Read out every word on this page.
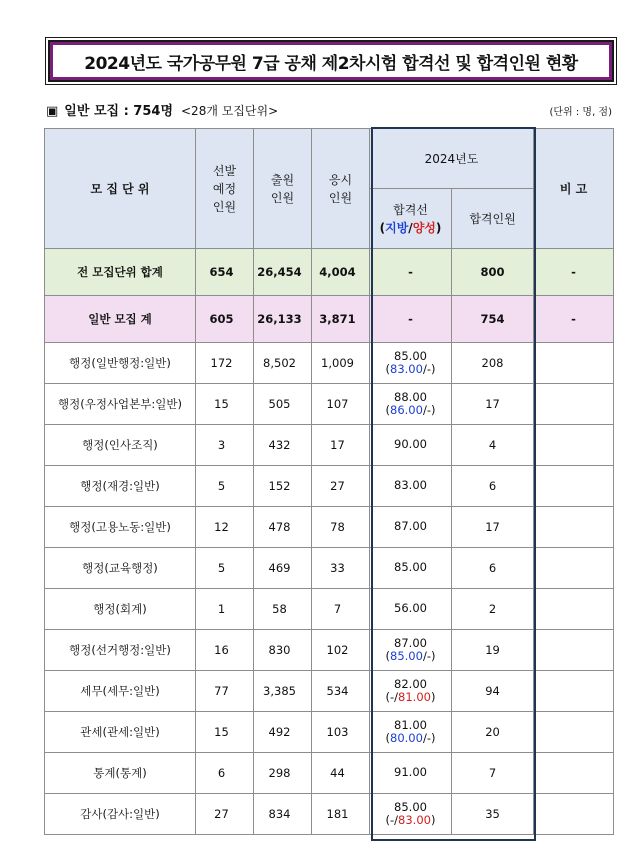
2024년도 국가공무원 7급 공채 제2차시험 합격선 및 합격인원 현황
▣ 일반 모집 : 754명 <28개 모집단위>	(단위 : 명, 점)
모 집 단 위	선발
예정
인원	출원
인원	응시
인원	2024년도		비 고

				합격선
(지방/양성)	합격인원	
전 모집단위 합계	654	26,454	4,004	-	800	-
일반 모집 계	605	26,133	3,871	-	754	-
행정(일반행정:일반)	172	8,502	1,009	85.00
(83.00/-)	208	
행정(우정사업본부:일반)	15	505	107	88.00
(86.00/-)	17	
행정(인사조직)	3	432	17	90.00	4	
행정(재경:일반)	5	152	27	83.00	6	
행정(고용노동:일반)	12	478	78	87.00	17	
행정(교육행정)	5	469	33	85.00	6	
행정(회계)	1	58	7	56.00	2	
행정(선거행정:일반)	16	830	102	87.00
(85.00/-)	19	
세무(세무:일반)	77	3,385	534	82.00
(-/81.00)	94	
관세(관세:일반)	15	492	103	81.00
(80.00/-)	20	
통계(통계)	6	298	44	91.00	7	
감사(감사:일반)	27	834	181	85.00
(-/83.00)	35	
